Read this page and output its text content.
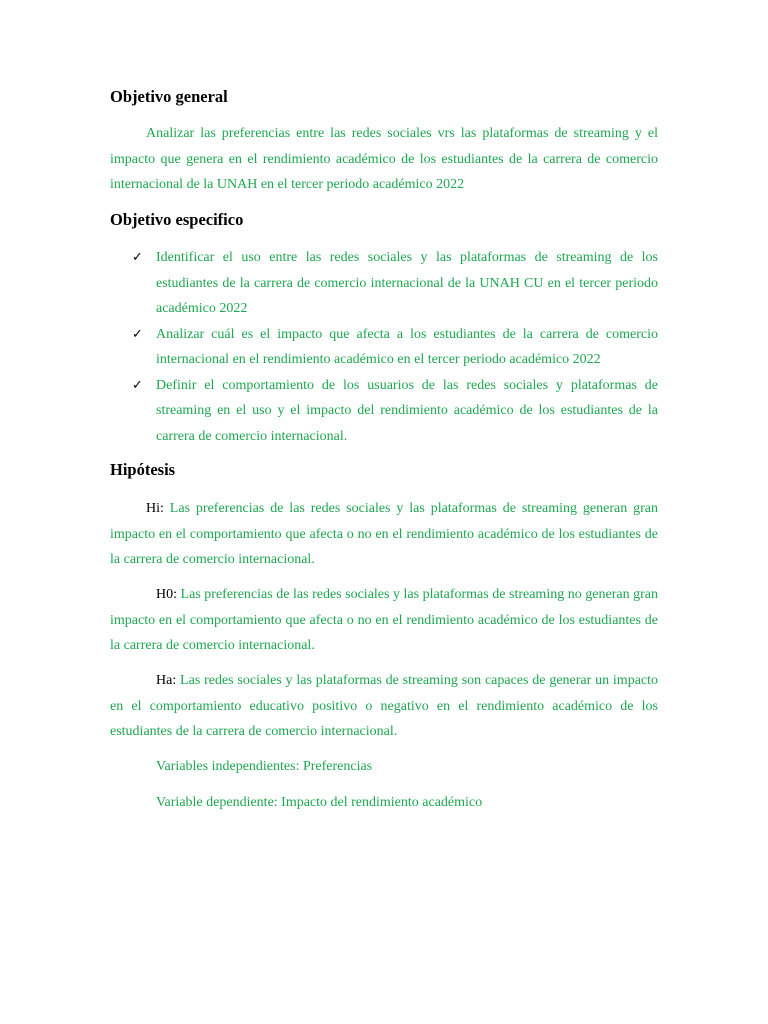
Objetivo general

Analizar las preferencias entre las redes sociales vrs las plataformas de streaming y el impacto que genera en el rendimiento académico de los estudiantes de la carrera de comercio internacional de la UNAH en el tercer periodo académico 2022

Objetivo especifico
✓ Identificar el uso entre las redes sociales y las plataformas de streaming de los estudiantes de la carrera de comercio internacional de la UNAH CU en el tercer periodo académico 2022
✓ Analizar cuál es el impacto que afecta a los estudiantes de la carrera de comercio internacional en el rendimiento académico en el tercer periodo académico 2022
✓ Definir el comportamiento de los usuarios de las redes sociales y plataformas de streaming en el uso y el impacto del rendimiento académico de los estudiantes de la carrera de comercio internacional.
Hipótesis

Hi: Las preferencias de las redes sociales y las plataformas de streaming generan gran impacto en el comportamiento que afecta o no en el rendimiento académico de los estudiantes de la carrera de comercio internacional.

H0: Las preferencias de las redes sociales y las plataformas de streaming no generan gran impacto en el comportamiento que afecta o no en el rendimiento académico de los estudiantes de la carrera de comercio internacional.

Ha: Las redes sociales y las plataformas de streaming son capaces de generar un impacto en el comportamiento educativo positivo o negativo en el rendimiento académico de los estudiantes de la carrera de comercio internacional.

Variables independientes: Preferencias

Variable dependiente: Impacto del rendimiento académico
